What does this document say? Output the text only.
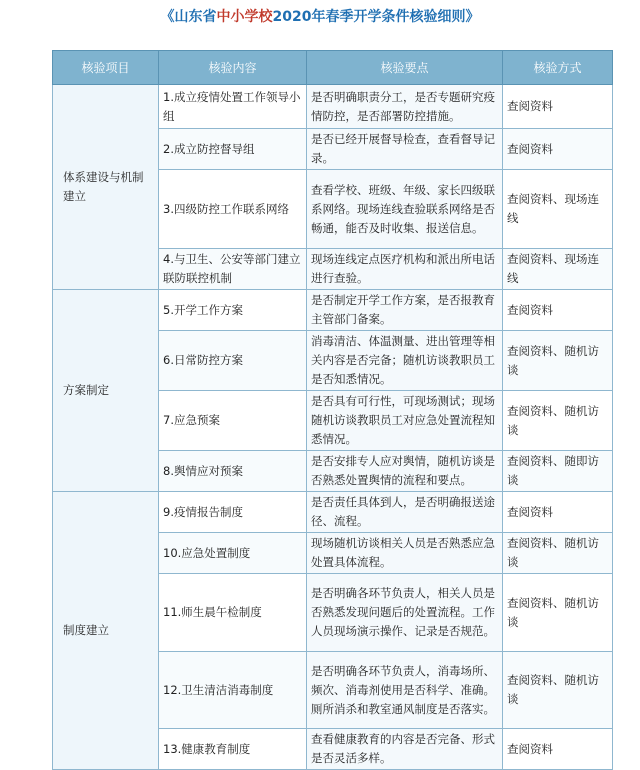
《山东省中小学校2020年春季开学条件核验细则》
核验项目	核验内容	核验要点	核验方式
体系建设与机制建立	1.成立疫情处置工作领导小组	是否明确职责分工，是否专题研究疫情防控，是否部署防控措施。	查阅资料
	2.成立防控督导组	是否已经开展督导检查，查看督导记录。	查阅资料
	3.四级防控工作联系网络	查看学校、班级、年级、家长四级联系网络。现场连线查验联系网络是否畅通，能否及时收集、报送信息。	查阅资料、现场连线
	4.与卫生、公安等部门建立联防联控机制	现场连线定点医疗机构和派出所电话进行查验。	查阅资料、现场连线
方案制定	5.开学工作方案	是否制定开学工作方案，是否报教育主管部门备案。	查阅资料
	6.日常防控方案	消毒清洁、体温测量、进出管理等相关内容是否完备；随机访谈教职员工是否知悉情况。	查阅资料、随机访谈
	7.应急预案	是否具有可行性，可现场测试；现场随机访谈教职员工对应急处置流程知悉情况。	查阅资料、随机访谈
	8.舆情应对预案	是否安排专人应对舆情，随机访谈是否熟悉处置舆情的流程和要点。	查阅资料、随即访谈
制度建立	9.疫情报告制度	是否责任具体到人，是否明确报送途径、流程。	查阅资料
	10.应急处置制度	现场随机访谈相关人员是否熟悉应急处置具体流程。	查阅资料、随机访谈
	11.师生晨午检制度	是否明确各环节负责人，相关人员是否熟悉发现问题后的处置流程。工作人员现场演示操作、记录是否规范。	查阅资料、随机访谈
	12.卫生清洁消毒制度	是否明确各环节负责人，消毒场所、频次、消毒剂使用是否科学、准确。厕所消杀和教室通风制度是否落实。	查阅资料、随机访谈
	13.健康教育制度	查看健康教育的内容是否完备、形式是否灵活多样。	查阅资料
